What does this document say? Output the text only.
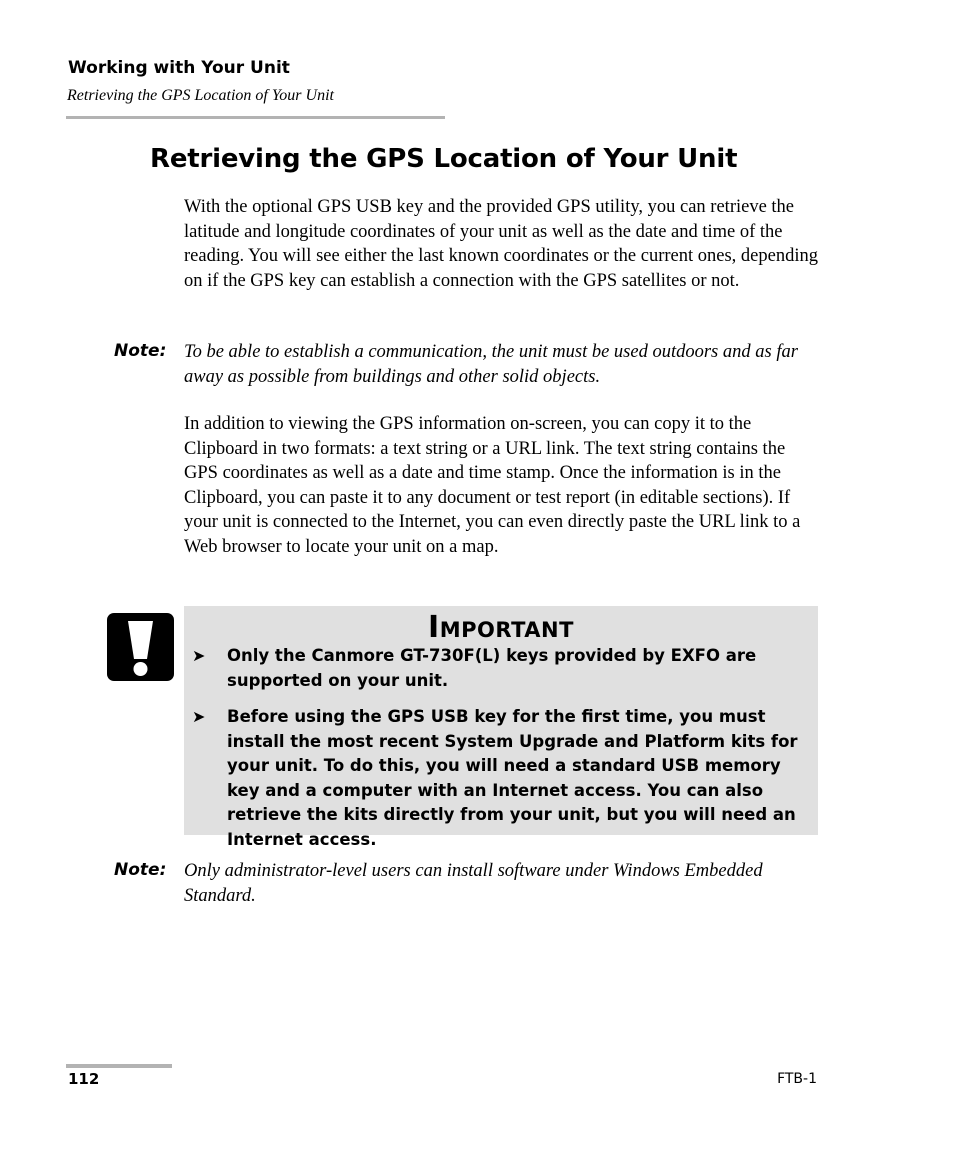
Working with Your Unit
Retrieving the GPS Location of Your Unit
Retrieving the GPS Location of Your Unit

With the optional GPS USB key and the provided GPS utility, you can retrieve the latitude and longitude coordinates of your unit as well as the date and time of the reading. You will see either the last known coordinates or the current ones, depending on if the GPS key can establish a connection with the GPS satellites or not.

Note: To be able to establish a communication, the unit must be used outdoors and as far away as possible from buildings and other solid objects.

In addition to viewing the GPS information on-screen, you can copy it to the Clipboard in two formats: a text string or a URL link. The text string contains the GPS coordinates as well as a date and time stamp. Once the information is in the Clipboard, you can paste it to any document or test report (in editable sections). If your unit is connected to the Internet, you can even directly paste the URL link to a Web browser to locate your unit on a map.

Important
➤	Only the Canmore GT-730F(L) keys provided by EXFO are supported on your unit.
➤	Before using the GPS USB key for the first time, you must install the most recent System Upgrade and Platform kits for your unit. To do this, you will need a standard USB memory key and a computer with an Internet access. You can also retrieve the kits directly from your unit, but you will need an Internet access.
Note: Only administrator-level users can install software under Windows Embedded Standard.

112	FTB-1
